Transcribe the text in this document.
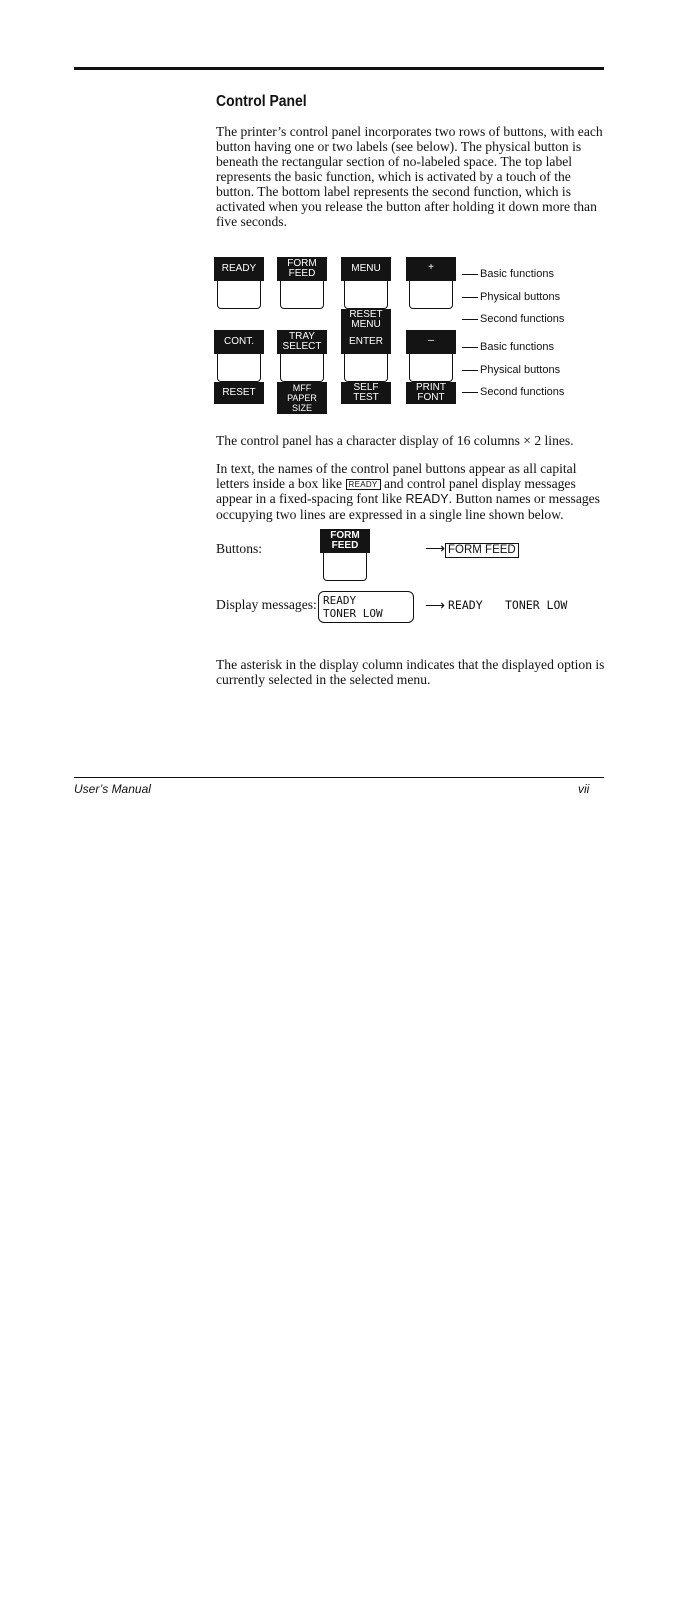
Control Panel

The printer’s control panel incorporates two rows of buttons, with each button having one or two labels (see below). The physical button is beneath the rectangular section of no-labeled space. The top label represents the basic function, which is activated by a touch of the button. The bottom label represents the second function, which is activated when you release the button after holding it down more than five seconds.

READY	FORM
FEED	MENU
RESET
MENU
+
CONT.
RESET
TRAY
SELECT
MFF
PAPER SIZE
ENTER
SELF
TEST
–
PRINT
FONT
Basic functions
Physical buttons
Second functions
Basic functions
Physical buttons
Second functions

The control panel has a character display of 16 columns × 2 lines.

In text, the names of the control panel buttons appear as all capital letters inside a box like READY and control panel display messages appear in a fixed-spacing font like READY. Button names or messages occupying two lines are expressed in a single line shown below.

Buttons:
FORM
FEED	⟶ FORM FEED
Display messages: READY
TONER LOW	⟶ READY TONER LOW

The asterisk in the display column indicates that the displayed option is currently selected in the selected menu.

User’s Manual	vii
